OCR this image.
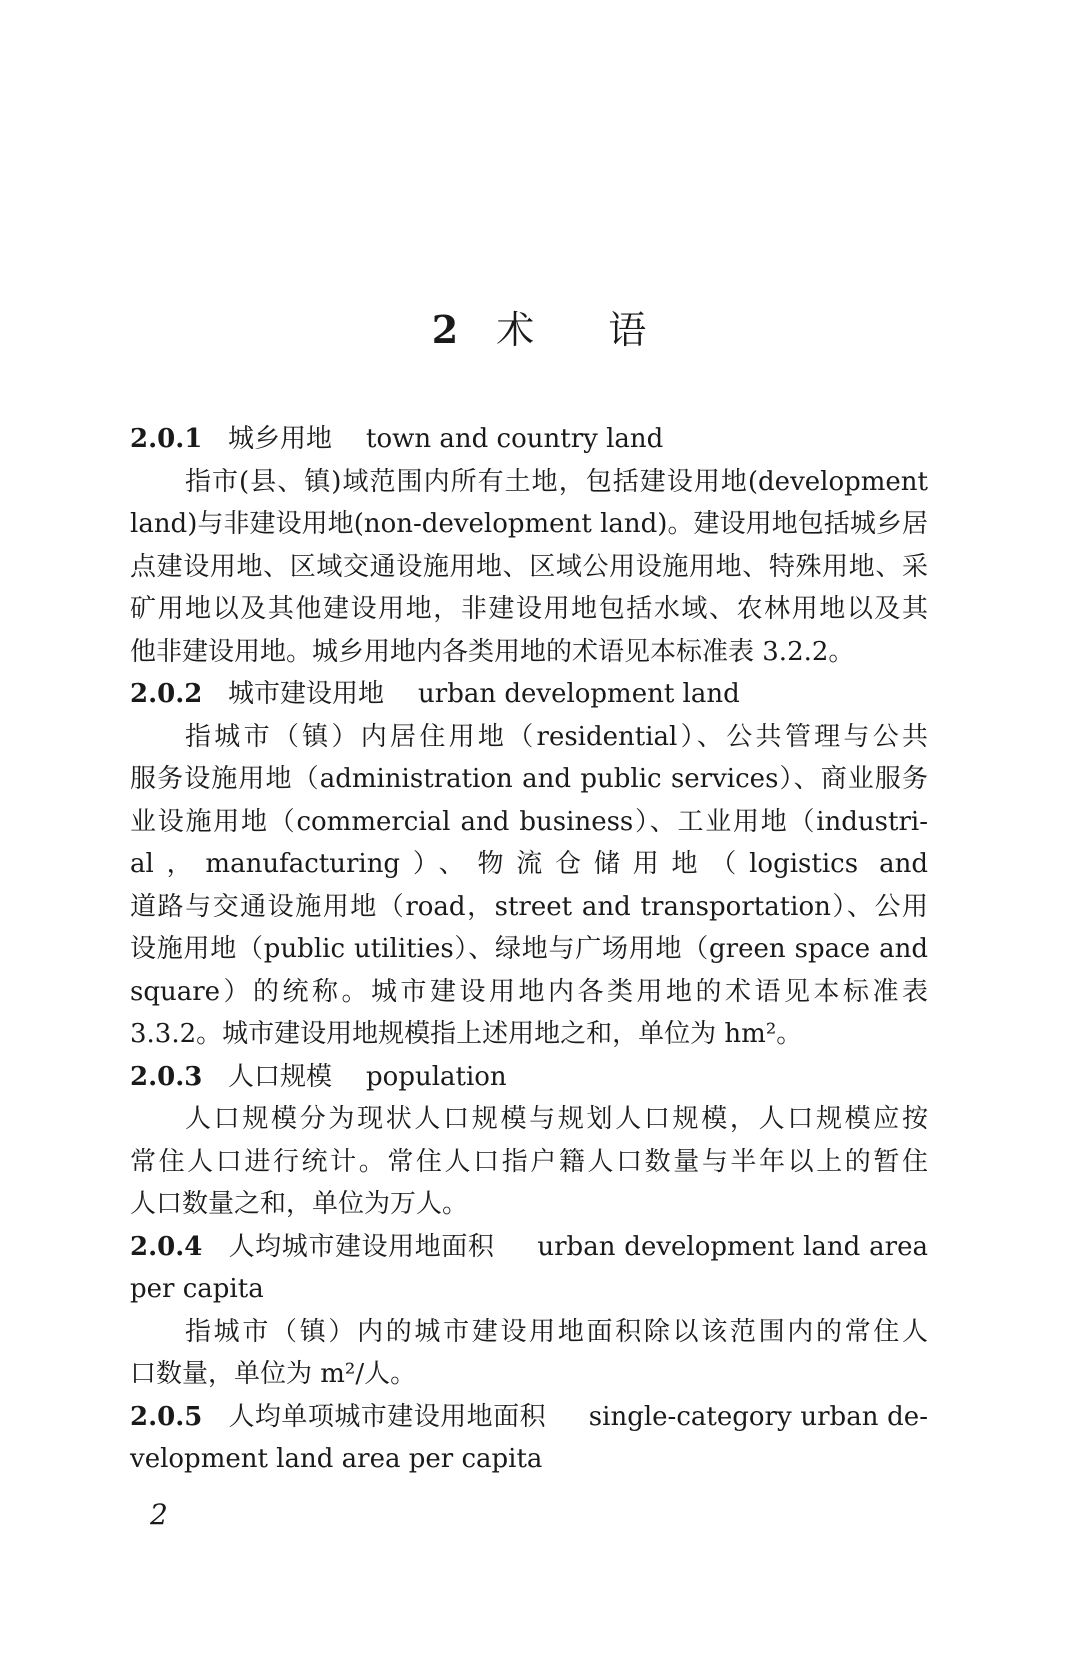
2 术 语
2.0.1 城乡用地 town and country land
指市(县、镇)域范围内所有土地，包括建设用地(development
land)与非建设用地(non-development land)。建设用地包括城乡居
点建设用地、区域交通设施用地、区域公用设施用地、特殊用地、采
矿用地以及其他建设用地，非建设用地包括水域、农林用地以及其
他非建设用地。城乡用地内各类用地的术语见本标准表 3.2.2。
2.0.2 城市建设用地 urban development land
指城市（镇）内居住用地（residential）、公共管理与公共
服务设施用地（administration and public services）、商业服务
业设施用地（commercial and business）、工业用地（industri-
al，manufacturing）、物流仓储用地（logistics and
道路与交通设施用地（road，street and transportation）、公用
设施用地（public utilities）、绿地与广场用地（green space and
square）的统称。城市建设用地内各类用地的术语见本标准表
3.3.2。城市建设用地规模指上述用地之和，单位为 hm²。
2.0.3 人口规模 population
人口规模分为现状人口规模与规划人口规模，人口规模应按
常住人口进行统计。常住人口指户籍人口数量与半年以上的暂住
人口数量之和，单位为万人。
2.0.4 人均城市建设用地面积 urban development land area
per capita
指城市（镇）内的城市建设用地面积除以该范围内的常住人
口数量，单位为 m²/人。
2.0.5 人均单项城市建设用地面积 single-category urban de-
velopment land area per capita
2
